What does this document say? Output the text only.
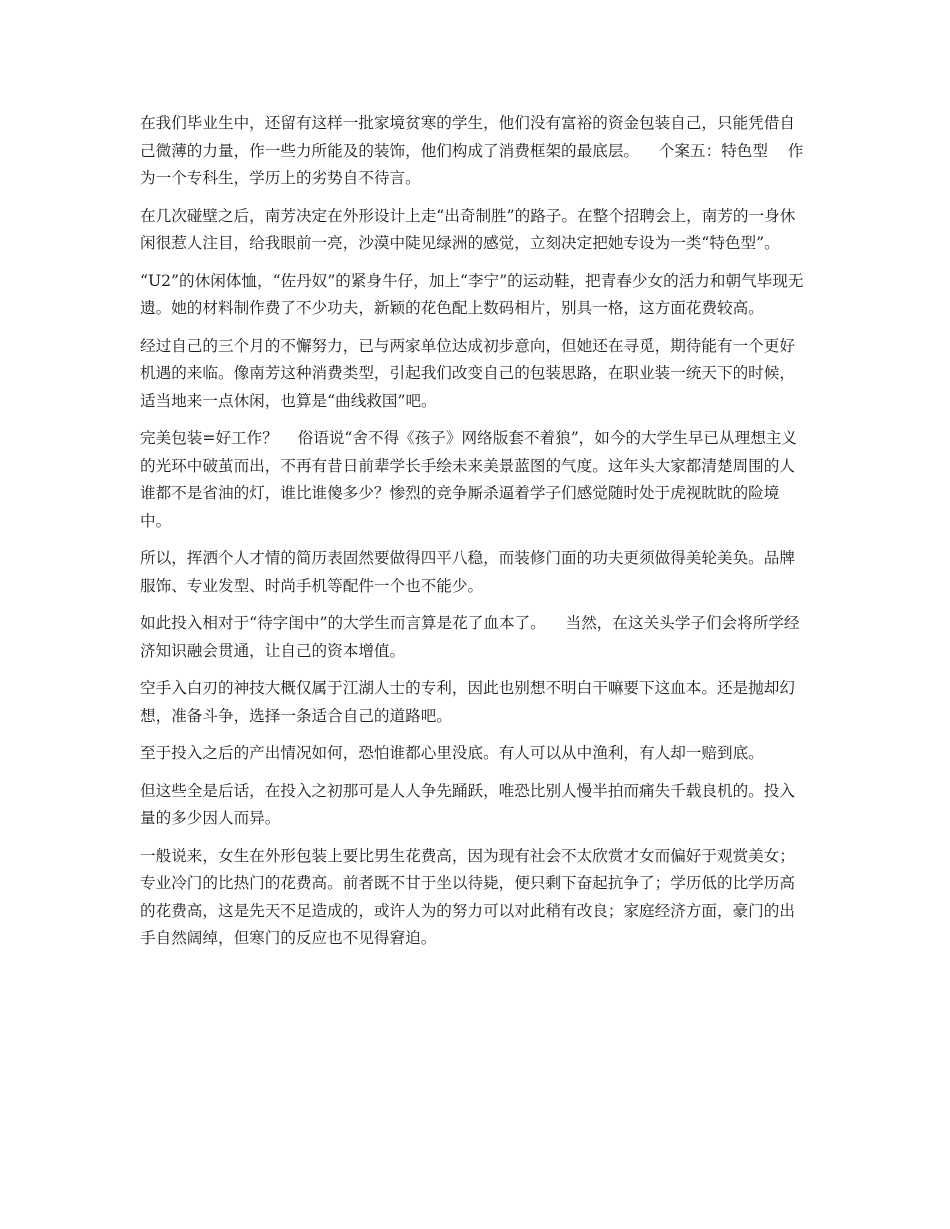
在我们毕业生中，还留有这样一批家境贫寒的学生，他们没有富裕的资金包装自己，只能凭借自己微薄的力量，作一些力所能及的装饰，他们构成了消费框架的最底层。    个案五：特色型    作为一个专科生，学历上的劣势自不待言。

在几次碰壁之后，南芳决定在外形设计上走“出奇制胜”的路子。在整个招聘会上，南芳的一身休闲很惹人注目，给我眼前一亮，沙漠中陡见绿洲的感觉，立刻决定把她专设为一类“特色型”。

“U2”的休闲体恤，“佐丹奴”的紧身牛仔，加上“李宁”的运动鞋，把青春少女的活力和朝气毕现无遗。她的材料制作费了不少功夫，新颖的花色配上数码相片，别具一格，这方面花费较高。

经过自己的三个月的不懈努力，已与两家单位达成初步意向，但她还在寻觅，期待能有一个更好机遇的来临。像南芳这种消费类型，引起我们改变自己的包装思路，在职业装一统天下的时候，适当地来一点休闲，也算是“曲线救国”吧。

完美包装=好工作？    俗语说“舍不得《孩子》网络版套不着狼”，如今的大学生早已从理想主义的光环中破茧而出，不再有昔日前辈学长手绘未来美景蓝图的气度。这年头大家都清楚周围的人谁都不是省油的灯，谁比谁傻多少？惨烈的竞争厮杀逼着学子们感觉随时处于虎视眈眈的险境中。

所以，挥洒个人才情的简历表固然要做得四平八稳，而装修门面的功夫更须做得美轮美奂。品牌服饰、专业发型、时尚手机等配件一个也不能少。

如此投入相对于“待字闺中”的大学生而言算是花了血本了。    当然，在这关头学子们会将所学经济知识融会贯通，让自己的资本增值。

空手入白刃的神技大概仅属于江湖人士的专利，因此也别想不明白干嘛要下这血本。还是抛却幻想，准备斗争，选择一条适合自己的道路吧。

至于投入之后的产出情况如何，恐怕谁都心里没底。有人可以从中渔利，有人却一赔到底。

但这些全是后话，在投入之初那可是人人争先踊跃，唯恐比别人慢半拍而痛失千载良机的。投入量的多少因人而异。

一般说来，女生在外形包装上要比男生花费高，因为现有社会不太欣赏才女而偏好于观赏美女；专业冷门的比热门的花费高。前者既不甘于坐以待毙，便只剩下奋起抗争了；学历低的比学历高的花费高，这是先天不足造成的，或许人为的努力可以对此稍有改良；家庭经济方面，豪门的出手自然阔绰，但寒门的反应也不见得窘迫。
